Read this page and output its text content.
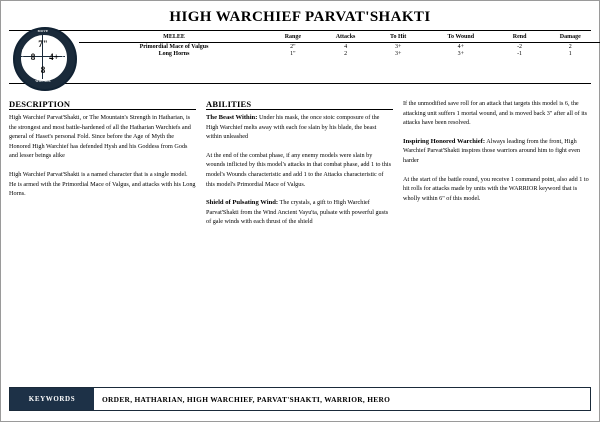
HIGH WARCHIEF PARVAT'SHAKTI
MOVE
BRAVERY	SAVE
WOUNDS
7"
8	4+
8
MELEE	Range	Attacks	To Hit	To Wound	Rend	Damage
Primordial Mace of Valgus	2"	4	3+	4+	-2	2
Long Horns	1"	2	3+	3+	-1	1
DESCRIPTION

High Warchief Parvat'Shakti, or The Mountain's Strength in Hatharian, is the strongest and most battle-hardened of all the Hatharian Warchiefs and general of Haset's personal Fold. Since before the Age of Myth the Honored High Warchief has defended Hysh and his Goddess from Gods and lesser beings alike

High Warchief Parvat'Shakti is a named character that is a single model. He is armed with the Primordial Mace of Valgus, and attacks with his Long Horns.

ABILITIES

The Beast Within: Under his mask, the once stoic composure of the High Warchief melts away with each foe slain by his blade, the beast within unleashed

At the end of the combat phase, if any enemy models were slain by wounds inflicted by this model's attacks in that combat phase, add 1 to this model's Wounds characteristic and add 1 to the Attacks characteristic of this model's Primordial Mace of Valgus.

Shield of Pulsating Wind: The crystals, a gift to High Warchief Parvat'Shakti from the Wind Ancient Vayu'ta, pulsate with powerful gusts of gale winds with each thrust of the shield

If the unmodified save roll for an attack that targets this model is 6, the attacking unit suffers 1 mortal wound, and is moved back 3" after all of its attacks have been resolved.

Inspiring Honored Warchief: Always leading from the front, High Warchief Parvat'Shakti inspires those warriors around him to fight even harder

At the start of the battle round, you receive 1 command point, also add 1 to hit rolls for attacks made by units with the WARRIOR keyword that is wholly within 6" of this model.

KEYWORDS	ORDER, HATHARIAN, HIGH WARCHIEF, PARVAT'SHAKTI, WARRIOR, HERO
